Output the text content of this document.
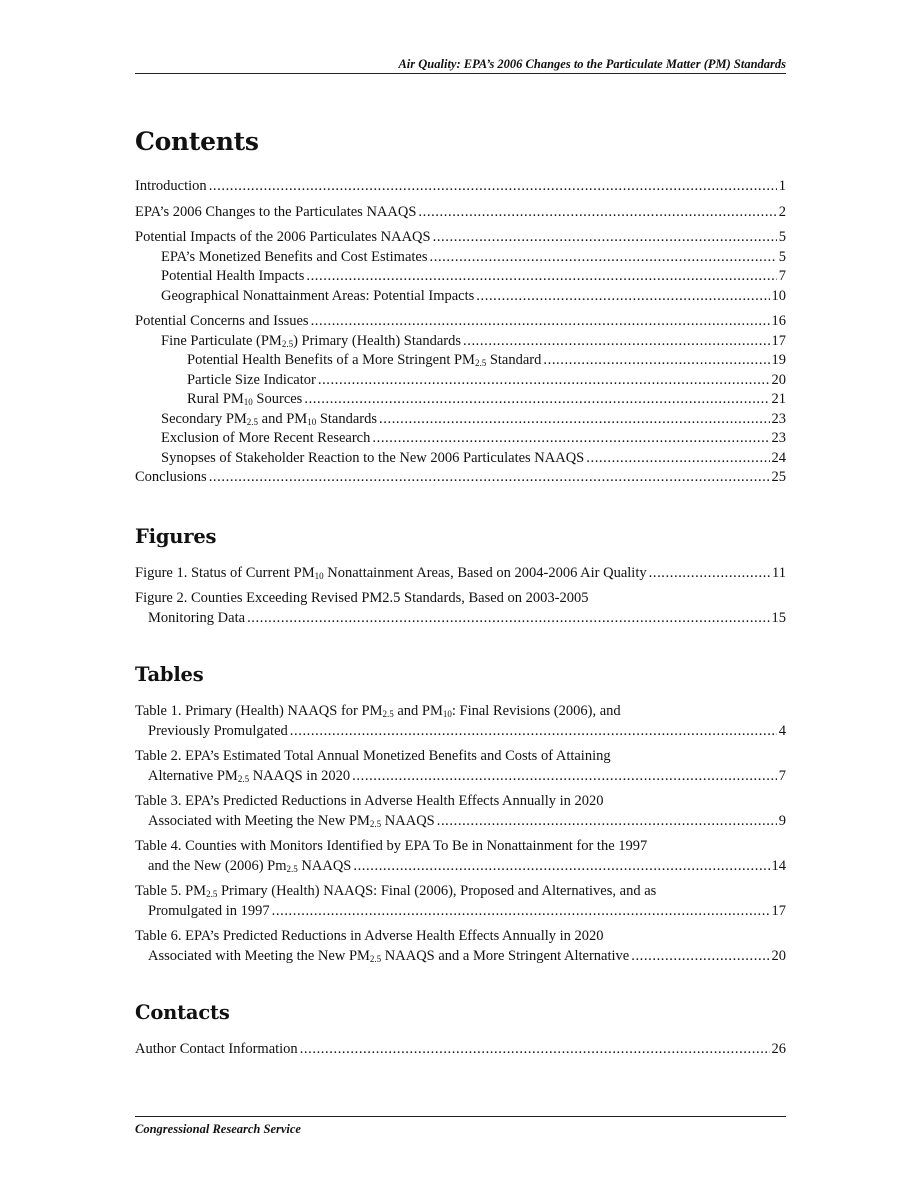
Air Quality: EPA’s 2006 Changes to the Particulate Matter (PM) Standards
Contents
Introduction .....	1
EPA’s 2006 Changes to the Particulates NAAQS .....	2
Potential Impacts of the 2006 Particulates NAAQS .....	5
EPA’s Monetized Benefits and Cost Estimates .....	5
Potential Health Impacts .....	7
Geographical Nonattainment Areas: Potential Impacts .....	10
Potential Concerns and Issues .....	16
Fine Particulate $(PM_{2.5})$ Primary (Health) Standards .....	17
Potential Health Benefits of a More Stringent $PM_{2.5}$ Standard .....	19
Particle Size Indicator .....	20
Rural $PM_{10}$ Sources .....	21
Secondary $PM_{2.5}$ and $PM_{10}$ Standards .....	23
Exclusion of More Recent Research .....	23
Synopses of Stakeholder Reaction to the New 2006 Particulates NAAQS .....	24
Conclusions .....	25
Figures
Figure 1. Status of Current $PM_{10}$ Nonattainment Areas, Based on 2004-2006 Air Quality .....	11
Figure 2. Counties Exceeding Revised PM2.5 Standards, Based on 2003-2005
Monitoring Data .....	15
Tables
Table 1. Primary (Health) NAAQS for $PM_{2.5}$ and $PM_{10}$: Final Revisions (2006), and
Previously Promulgated .....	4
Table 2. EPA’s Estimated Total Annual Monetized Benefits and Costs of Attaining
Alternative $PM_{2.5}$ NAAQS in 2020 .....	7
Table 3. EPA’s Predicted Reductions in Adverse Health Effects Annually in 2020
Associated with Meeting the New $PM_{2.5}$ NAAQS .....	9
Table 4. Counties with Monitors Identified by EPA To Be in Nonattainment for the 1997
and the New (2006) $Pm_{2.5}$ NAAQS .....	14
Table 5. $PM_{2.5}$ Primary (Health) NAAQS: Final (2006), Proposed and Alternatives, and as
Promulgated in 1997 .....	17
Table 6. EPA’s Predicted Reductions in Adverse Health Effects Annually in 2020
Associated with Meeting the New $PM_{2.5}$ NAAQS and a More Stringent Alternative .....	20
Contacts
Author Contact Information .....	26
Congressional Research Service
